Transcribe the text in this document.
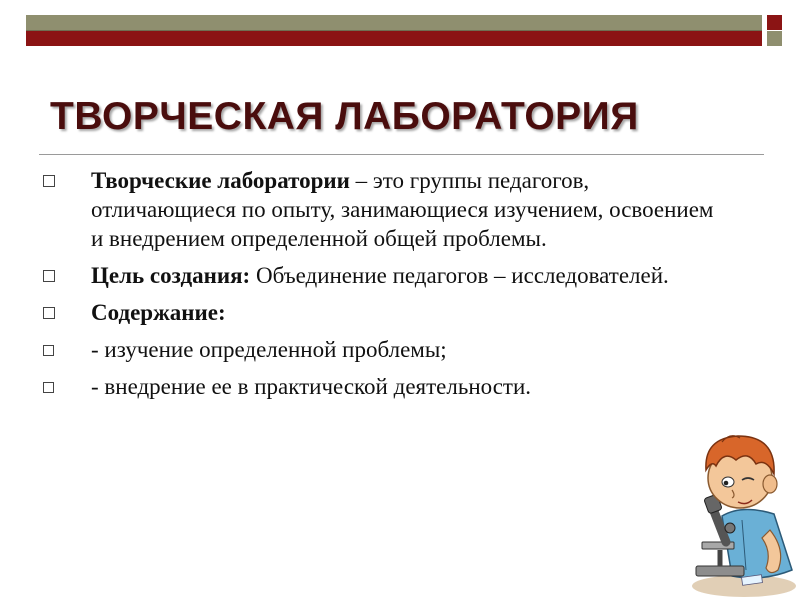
ТВОРЧЕСКАЯ ЛАБОРАТОРИЯ
Творческие лаборатории – это группы педагогов, отличающиеся по опыту, занимающиеся изучением, освоением и внедрением определенной общей проблемы.
Цель создания: Объединение педагогов – исследователей.
Содержание:
- изучение определенной проблемы;
- внедрение ее в практической деятельности.
